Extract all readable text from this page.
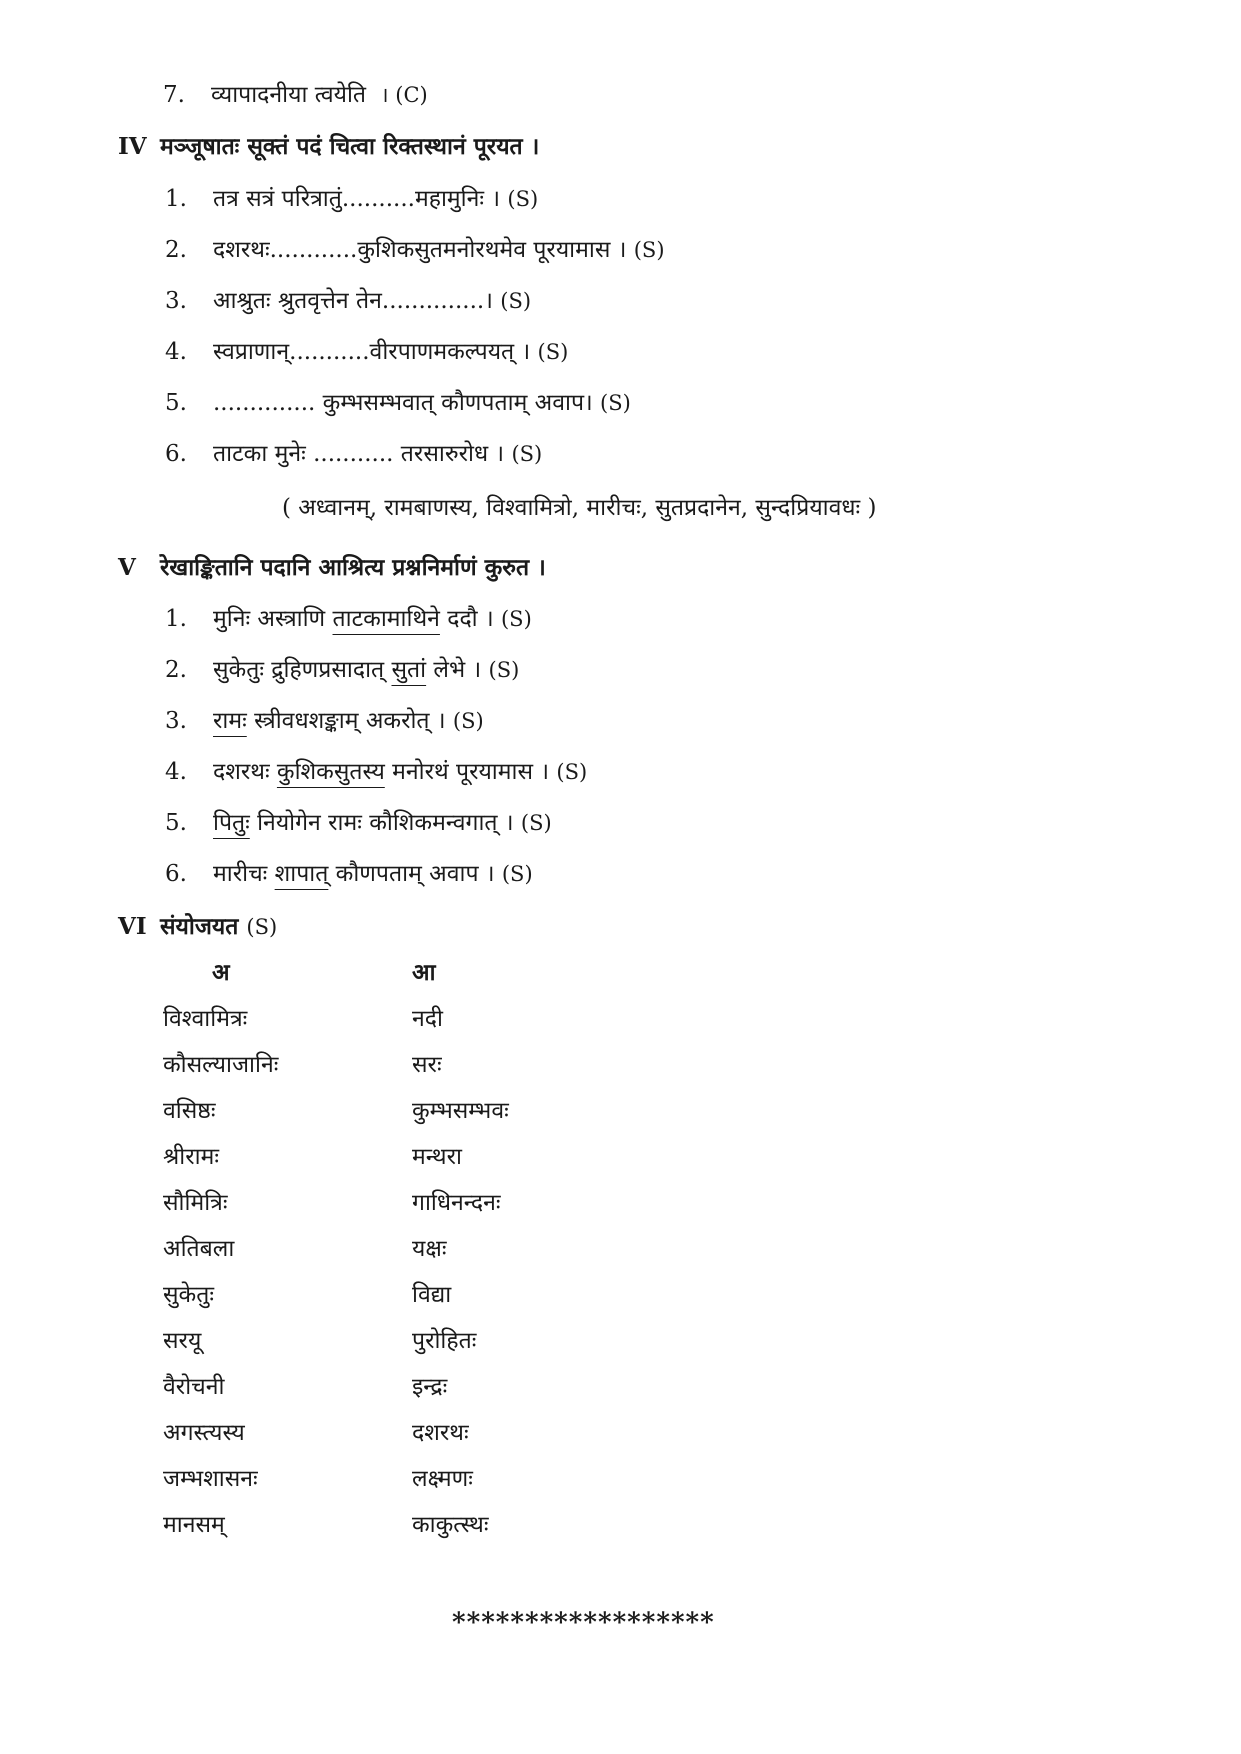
7. व्यापादनीया त्वयेति । (C)
IV मञ्जूषातः सूक्तं पदं चित्वा रिक्तस्थानं पूरयत ।
1. तत्र सत्रं परित्रातुं..........महामुनिः । (S)
2. दशरथः............कुशिकसुतमनोरथमेव पूरयामास । (S)
3. आश्रुतः श्रुतवृत्तेन तेन..............। (S)
4. स्वप्राणान्...........वीरपाणमकल्पयत् । (S)
5. .............. कुम्भसम्भवात् कौणपताम् अवाप। (S)
6. ताटका मुनेः ........... तरसारुरोध । (S)
( अध्वानम्, रामबाणस्य, विश्वामित्रो, मारीचः, सुतप्रदानेन, सुन्दप्रियावधः )
V रेखाङ्कितानि पदानि आश्रित्य प्रश्ननिर्माणं कुरुत ।
1. मुनिः अस्त्राणि ताटकामाथिने ददौ । (S)
2. सुकेतुः द्रुहिणप्रसादात् सुतां लेभे । (S)
3. रामः स्त्रीवधशङ्काम् अकरोत् । (S)
4. दशरथः कुशिकसुतस्य मनोरथं पूरयामास । (S)
5. पितुः नियोगेन रामः कौशिकमन्वगात् । (S)
6. मारीचः शापात् कौणपताम् अवाप । (S)
VI संयोजयत (S)
अ	आ
विश्वामित्रः
कौसल्याजानिः
वसिष्ठः
श्रीरामः
सौमित्रिः
अतिबला
सुकेतुः
सरयू
वैरोचनी
अगस्त्यस्य
जम्भशासनः
मानसम्
नदी
सरः
कुम्भसम्भवः
मन्थरा
गाधिनन्दनः
यक्षः
विद्या
पुरोहितः
इन्द्रः
दशरथः
लक्ष्मणः
काकुत्स्थः
******************
